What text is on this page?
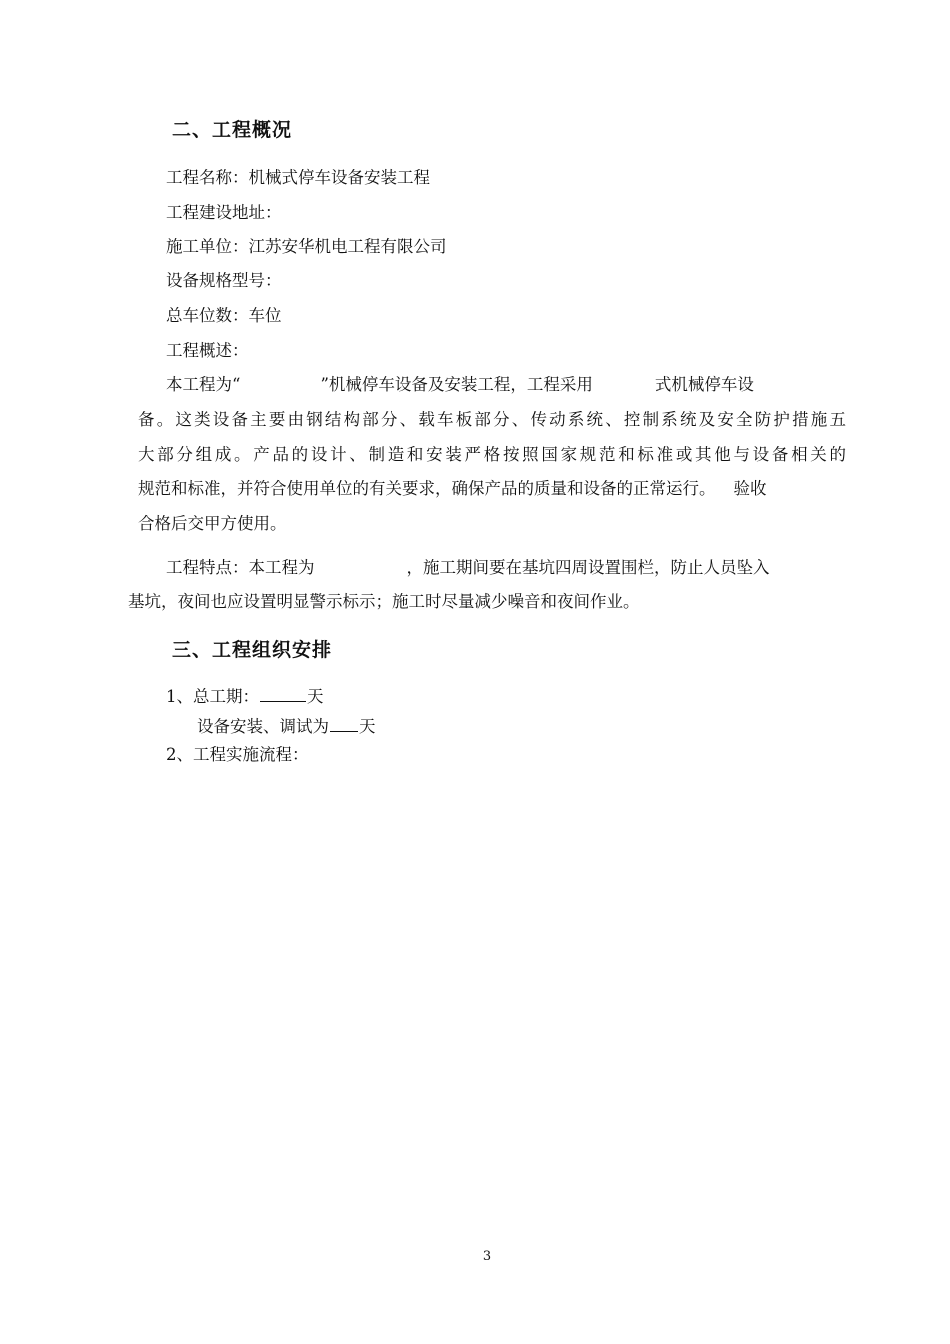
二、工程概况
工程名称：机械式停车设备安装工程
工程建设地址：
施工单位：江苏安华机电工程有限公司
设备规格型号：
总车位数：车位
工程概述：
本工程为“	”机械停车设备及安装工程，工程采用	式机械停车设
备。这类设备主要由钢结构部分、载车板部分、传动系统、控制系统及安全防护措施五
大部分组成。产品的设计、制造和安装严格按照国家规范和标准或其他与设备相关的
规范和标准，并符合使用单位的有关要求，确保产品的质量和设备的正常运行。 验收
合格后交甲方使用。
工程特点：本工程为	，施工期间要在基坑四周设置围栏，防止人员坠入
基坑，夜间也应设置明显警示标示；施工时尽量减少噪音和夜间作业。
三、工程组织安排
1、总工期：	天
设备安装、调试为 天
2、工程实施流程：
3
